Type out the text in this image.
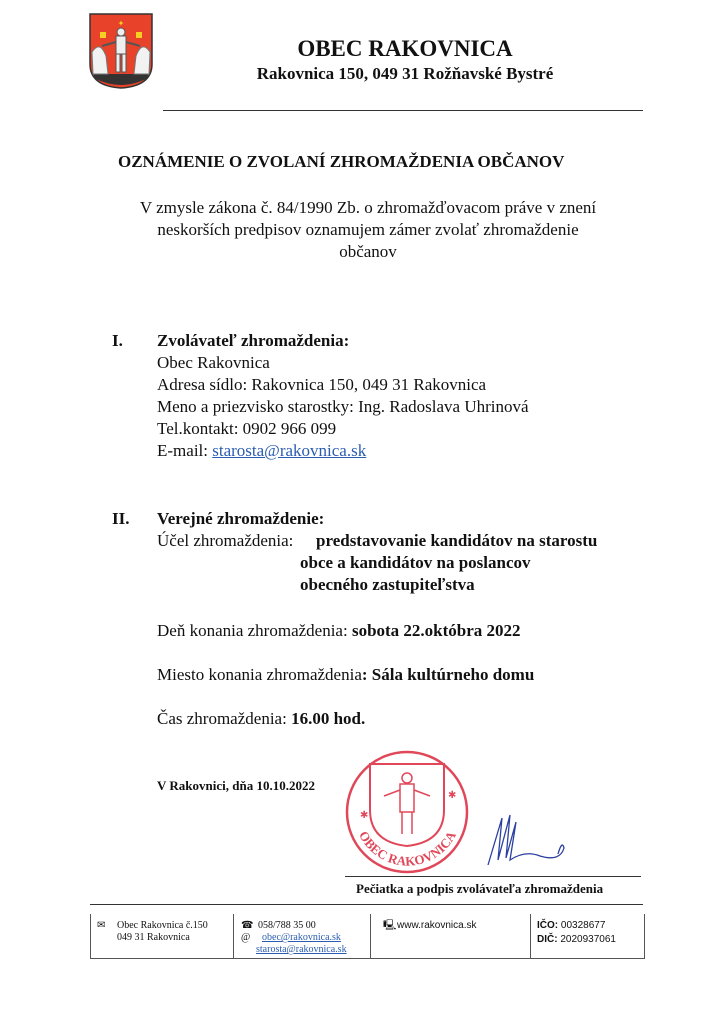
✦
OBEC RAKOVNICA
Rakovnica 150, 049 31 Rožňavské Bystré
OZNÁMENIE O ZVOLANÍ ZHROMAŽDENIA OBČANOV
V zmysle zákona č. 84/1990 Zb. o zhromažďovacom práve v znení
neskorších predpisov oznamujem zámer zvolať zhromaždenie
občanov
I. Zvolávateľ zhromaždenia:
Obec Rakovnica
Adresa sídlo: Rakovnica 150, 049 31 Rakovnica
Meno a priezvisko starostky: Ing. Radoslava Uhrinová
Tel.kontakt: 0902 966 099
E-mail: starosta@rakovnica.sk
II. Verejné zhromaždenie:
Účel zhromaždenia: predstavovanie kandidátov na starostu
obce a kandidátov na poslancov
obecného zastupiteľstva
Deň konania zhromaždenia: sobota 22.októbra 2022
Miesto konania zhromaždenia: Sála kultúrneho domu
Čas zhromaždenia: 16.00 hod.
V Rakovnici, dňa 10.10.2022
✱
✱
OBEC RAKOVNICA
Pečiatka a podpis zvolávateľa zhromaždenia
✉ Obec Rakovnica č.150
049 31 Rakovnica
☎ 058/788 35 00
@ obec@rakovnica.sk
starosta@rakovnica.sk
🖳 www.rakovnica.sk	IČO: 00328677
DIČ: 2020937061
